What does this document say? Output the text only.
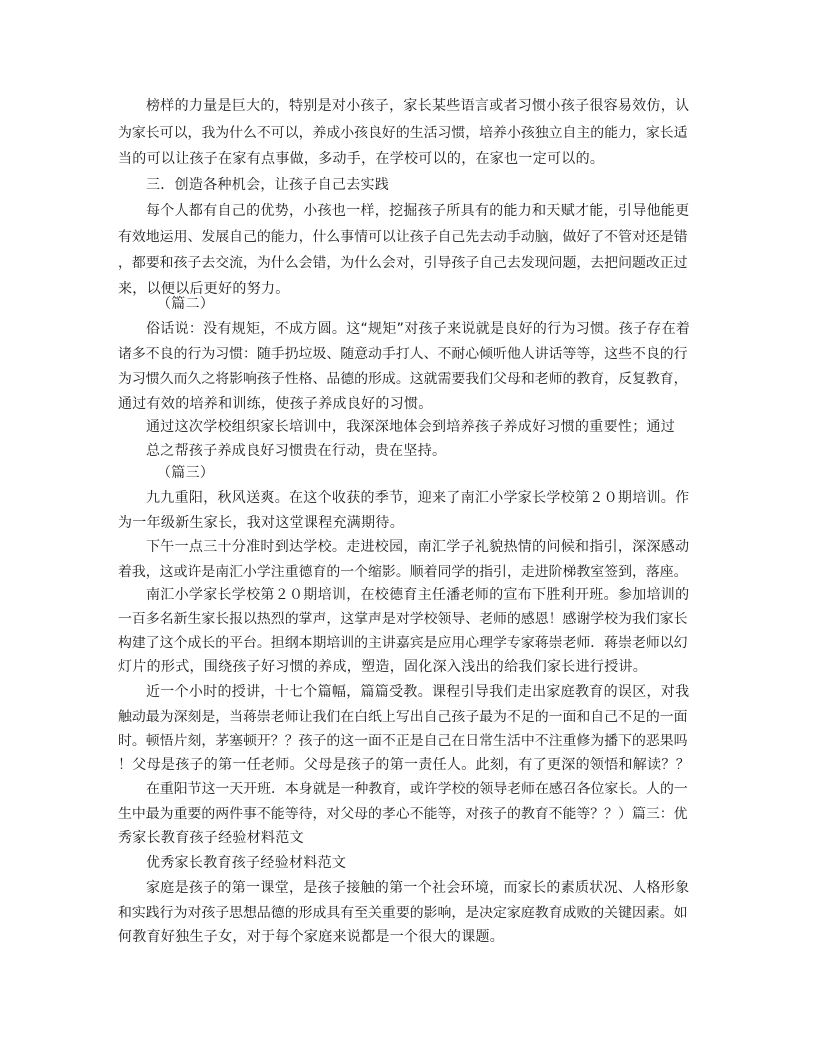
榜样的力量是巨大的，特别是对小孩子，家长某些语言或者习惯小孩子很容易效仿，认
为家长可以，我为什么不可以，养成小孩良好的生活习惯，培养小孩独立自主的能力，家长适
当的可以让孩子在家有点事做，多动手，在学校可以的，在家也一定可以的。
三．创造各种机会，让孩子自己去实践
每个人都有自己的优势，小孩也一样，挖掘孩子所具有的能力和天赋才能，引导他能更
有效地运用、发展自己的能力，什么事情可以让孩子自己先去动手动脑，做好了不管对还是错
，都要和孩子去交流，为什么会错，为什么会对，引导孩子自己去发现问题，去把问题改正过
来，以便以后更好的努力。
（篇二）
俗话说：没有规矩，不成方圆。这“规矩”对孩子来说就是良好的行为习惯。孩子存在着
诸多不良的行为习惯：随手扔垃圾、随意动手打人、不耐心倾听他人讲话等等，这些不良的行
为习惯久而久之将影响孩子性格、品德的形成。这就需要我们父母和老师的教育，反复教育，
通过有效的培养和训练，使孩子养成良好的习惯。
通过这次学校组织家长培训中，我深深地体会到培养孩子养成好习惯的重要性；通过
总之帮孩子养成良好习惯贵在行动，贵在坚持。
（篇三）
九九重阳，秋风送爽。在这个收获的季节，迎来了南汇小学家长学校第２０期培训。作
为一年级新生家长，我对这堂课程充满期待。
下午一点三十分准时到达学校。走进校园，南汇学子礼貌热情的问候和指引，深深感动
着我，这或许是南汇小学注重德育的一个缩影。顺着同学的指引，走进阶梯教室签到，落座。
南汇小学家长学校第２０期培训，在校德育主任潘老师的宣布下胜利开班。参加培训的
一百多名新生家长报以热烈的掌声，这掌声是对学校领导、老师的感恩！感谢学校为我们家长
构建了这个成长的平台。担纲本期培训的主讲嘉宾是应用心理学专家蒋崇老师．蒋崇老师以幻
灯片的形式，围绕孩子好习惯的养成，塑造，固化深入浅出的给我们家长进行授讲。
近一个小时的授讲，十七个篇幅，篇篇受教。课程引导我们走出家庭教育的误区，对我
触动最为深刻是，当蒋崇老师让我们在白纸上写出自己孩子最为不足的一面和自己不足的一面
时。顿悟片刻，茅塞顿开？？孩子的这一面不正是自己在日常生活中不注重修为播下的恶果吗
！父母是孩子的第一任老师。父母是孩子的第一责任人。此刻，有了更深的领悟和解读？？
在重阳节这一天开班．本身就是一种教育，或许学校的领导老师在感召各位家长。人的一
生中最为重要的两件事不能等待，对父母的孝心不能等，对孩子的教育不能等？？）篇三：优
秀家长教育孩子经验材料范文
优秀家长教育孩子经验材料范文
家庭是孩子的第一课堂，是孩子接触的第一个社会环境，而家长的素质状况、人格形象
和实践行为对孩子思想品德的形成具有至关重要的影响，是决定家庭教育成败的关键因素。如
何教育好独生子女，对于每个家庭来说都是一个很大的课题。
